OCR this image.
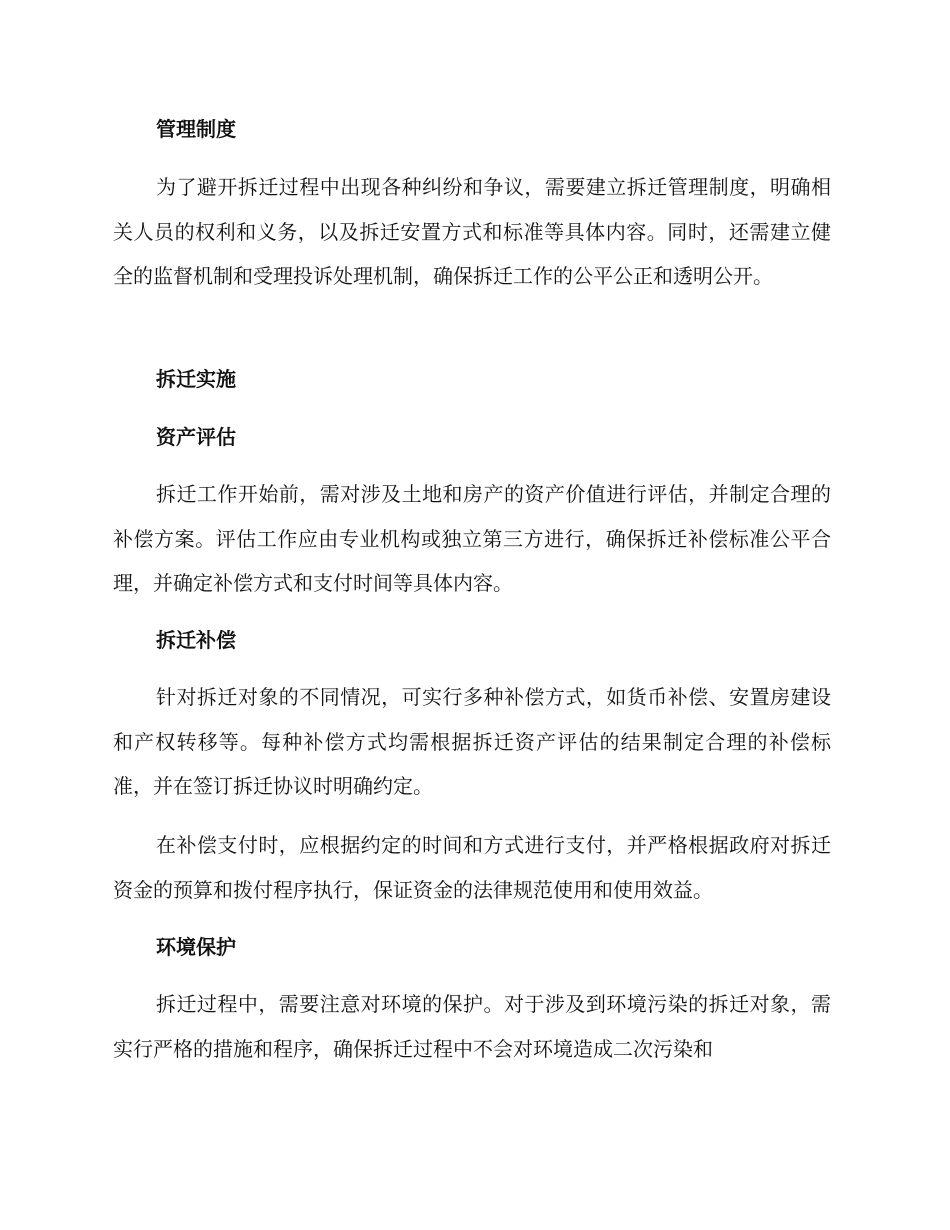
管理制度

为了避开拆迁过程中出现各种纠纷和争议，需要建立拆迁管理制度，明确相关人员的权利和义务，以及拆迁安置方式和标准等具体内容。同时，还需建立健全的监督机制和受理投诉处理机制，确保拆迁工作的公平公正和透明公开。

拆迁实施
资产评估

拆迁工作开始前，需对涉及土地和房产的资产价值进行评估，并制定合理的补偿方案。评估工作应由专业机构或独立第三方进行，确保拆迁补偿标准公平合理，并确定补偿方式和支付时间等具体内容。

拆迁补偿

针对拆迁对象的不同情况，可实行多种补偿方式，如货币补偿、安置房建设和产权转移等。每种补偿方式均需根据拆迁资产评估的结果制定合理的补偿标准，并在签订拆迁协议时明确约定。

在补偿支付时，应根据约定的时间和方式进行支付，并严格根据政府对拆迁资金的预算和拨付程序执行，保证资金的法律规范使用和使用效益。

环境保护

拆迁过程中，需要注意对环境的保护。对于涉及到环境污染的拆迁对象，需实行严格的措施和程序，确保拆迁过程中不会对环境造成二次污染和
